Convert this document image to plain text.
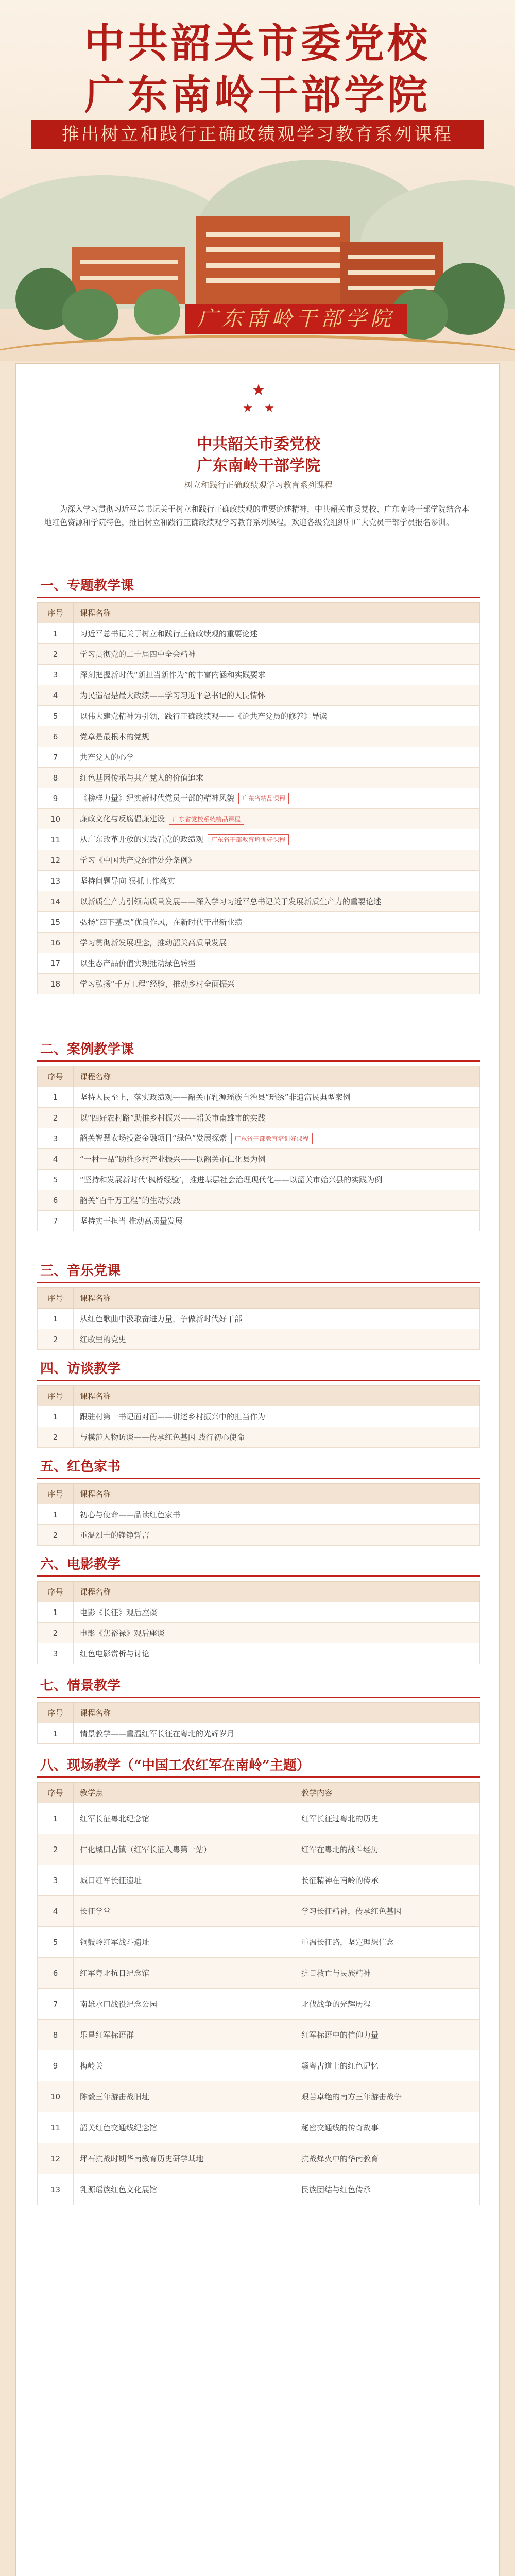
中共韶关市委党校
广东南岭干部学院
推出树立和践行正确政绩观学习教育系列课程
广东南岭干部学院
中共韶关市委党校
广东南岭干部学院
树立和践行正确政绩观学习教育系列课程
为深入学习贯彻习近平总书记关于树立和践行正确政绩观的重要论述精神，中共韶关市委党校、广东南岭干部学院结合本地红色资源和学院特色，推出树立和践行正确政绩观学习教育系列课程，欢迎各级党组织和广大党员干部学员报名参训。
一、专题教学课
序号	课程名称
1	习近平总书记关于树立和践行正确政绩观的重要论述
2	学习贯彻党的二十届四中全会精神
3	深刻把握新时代“新担当新作为”的丰富内涵和实践要求
4	为民造福是最大政绩——学习习近平总书记的人民情怀
5	以伟大建党精神为引领，践行正确政绩观——《论共产党员的修养》导读
6	党章是最根本的党规
7	共产党人的心学
8	红色基因传承与共产党人的价值追求
9	《榜样力量》纪实新时代党员干部的精神风貌 广东省精品课程
10	廉政文化与反腐倡廉建设 广东省党校系统精品课程
11	从广东改革开放的实践看党的政绩观 广东省干部教育培训好课程
12	学习《中国共产党纪律处分条例》
13	坚持问题导向 狠抓工作落实
14	以新质生产力引领高质量发展——深入学习习近平总书记关于发展新质生产力的重要论述
15	弘扬“四下基层”优良作风，在新时代干出新业绩
16	学习贯彻新发展理念，推动韶关高质量发展
17	以生态产品价值实现推动绿色转型
18	学习弘扬“千万工程”经验，推动乡村全面振兴
二、案例教学课
序号	课程名称
1	坚持人民至上，落实政绩观——韶关市乳源瑶族自治县“瑶绣”非遗富民典型案例
2	以“四好农村路”助推乡村振兴——韶关市南雄市的实践
3	韶关智慧农场投资金融项目“绿色”发展探索 广东省干部教育培训好课程
4	“一村一品”助推乡村产业振兴——以韶关市仁化县为例
5	“坚持和发展新时代‘枫桥经验’，推进基层社会治理现代化——以韶关市始兴县的实践为例
6	韶关“百千万工程”的生动实践
7	坚持实干担当 推动高质量发展
三、音乐党课
序号	课程名称
1	从红色歌曲中汲取奋进力量，争做新时代好干部
2	红歌里的党史
四、访谈教学
序号	课程名称
1	跟驻村第一书记面对面——讲述乡村振兴中的担当作为
2	与模范人物访谈——传承红色基因 践行初心使命
五、红色家书
序号	课程名称
1	初心与使命——品读红色家书
2	重温烈士的铮铮誓言
六、电影教学
序号	课程名称
1	电影《长征》观后座谈
2	电影《焦裕禄》观后座谈
3	红色电影赏析与讨论
七、情景教学
序号	课程名称
1	情景教学——重温红军长征在粤北的光辉岁月
八、现场教学（“中国工农红军在南岭”主题）
序号	教学点	教学内容
1	红军长征粤北纪念馆	红军长征过粤北的历史
2	仁化城口古镇（红军长征入粤第一站）	红军在粤北的战斗经历
3	城口红军长征遗址	长征精神在南岭的传承
4	长征学堂	学习长征精神，传承红色基因
5	铜鼓岭红军战斗遗址	重温长征路，坚定理想信念
6	红军粤北抗日纪念馆	抗日救亡与民族精神
7	南雄水口战役纪念公园	北伐战争的光辉历程
8	乐昌红军标语群	红军标语中的信仰力量
9	梅岭关	赣粤古道上的红色记忆
10	陈毅三年游击战旧址	艰苦卓绝的南方三年游击战争
11	韶关红色交通线纪念馆	秘密交通线的传奇故事
12	坪石抗战时期华南教育历史研学基地	抗战烽火中的华南教育
13	乳源瑶族红色文化展馆	民族团结与红色传承
